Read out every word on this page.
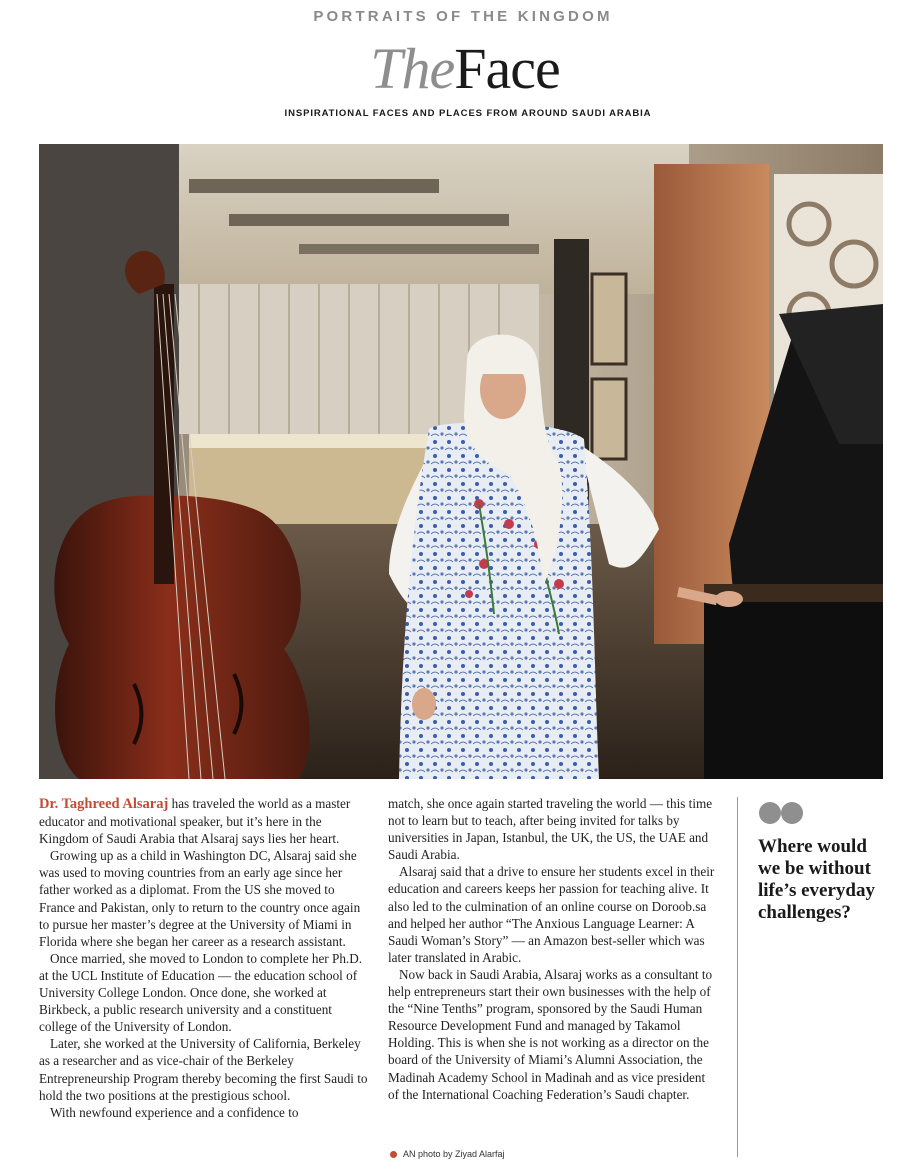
PORTRAITS OF THE KINGDOM
TheFace
INSPIRATIONAL FACES AND PLACES FROM AROUND SAUDI ARABIA

Dr. Taghreed Alsaraj has traveled the world as a master educator and motivational speaker, but it’s here in the Kingdom of Saudi Arabia that Alsaraj says lies her heart.

Growing up as a child in Washington DC, Alsaraj said she was used to moving countries from an early age since her father worked as a diplomat. From the US she moved to France and Pakistan, only to return to the country once again to pursue her master’s degree at the University of Miami in Florida where she began her career as a research assistant.

Once married, she moved to London to complete her Ph.D. at the UCL Institute of Education — the education school of University College London. Once done, she worked at Birkbeck, a public research university and a constituent college of the University of London.

Later, she worked at the University of California, Berkeley as a researcher and as vice-chair of the Berkeley Entrepreneurship Program thereby becoming the first Saudi to hold the two positions at the prestigious school.

With newfound experience and a confidence to

match, she once again started traveling the world — this time not to learn but to teach, after being invited for talks by universities in Japan, Istanbul, the UK, the US, the UAE and Saudi Arabia.

Alsaraj said that a drive to ensure her students excel in their education and careers keeps her passion for teaching alive. It also led to the culmination of an online course on Doroob.sa and helped her author “The Anxious Language Learner: A Saudi Woman’s Story” — an Amazon best-seller which was later translated in Arabic.

Now back in Saudi Arabia, Alsaraj works as a consultant to help entrepreneurs start their own businesses with the help of the “Nine Tenths” program, sponsored by the Saudi Human Resource Development Fund and managed by Takamol Holding. This is when she is not working as a director on the board of the University of Miami’s Alumni Association, the Madinah Academy School in Madinah and as vice president of the International Coaching Federation’s Saudi chapter.

Where would we be without life’s everyday challenges?
AN photo by Ziyad Alarfaj
